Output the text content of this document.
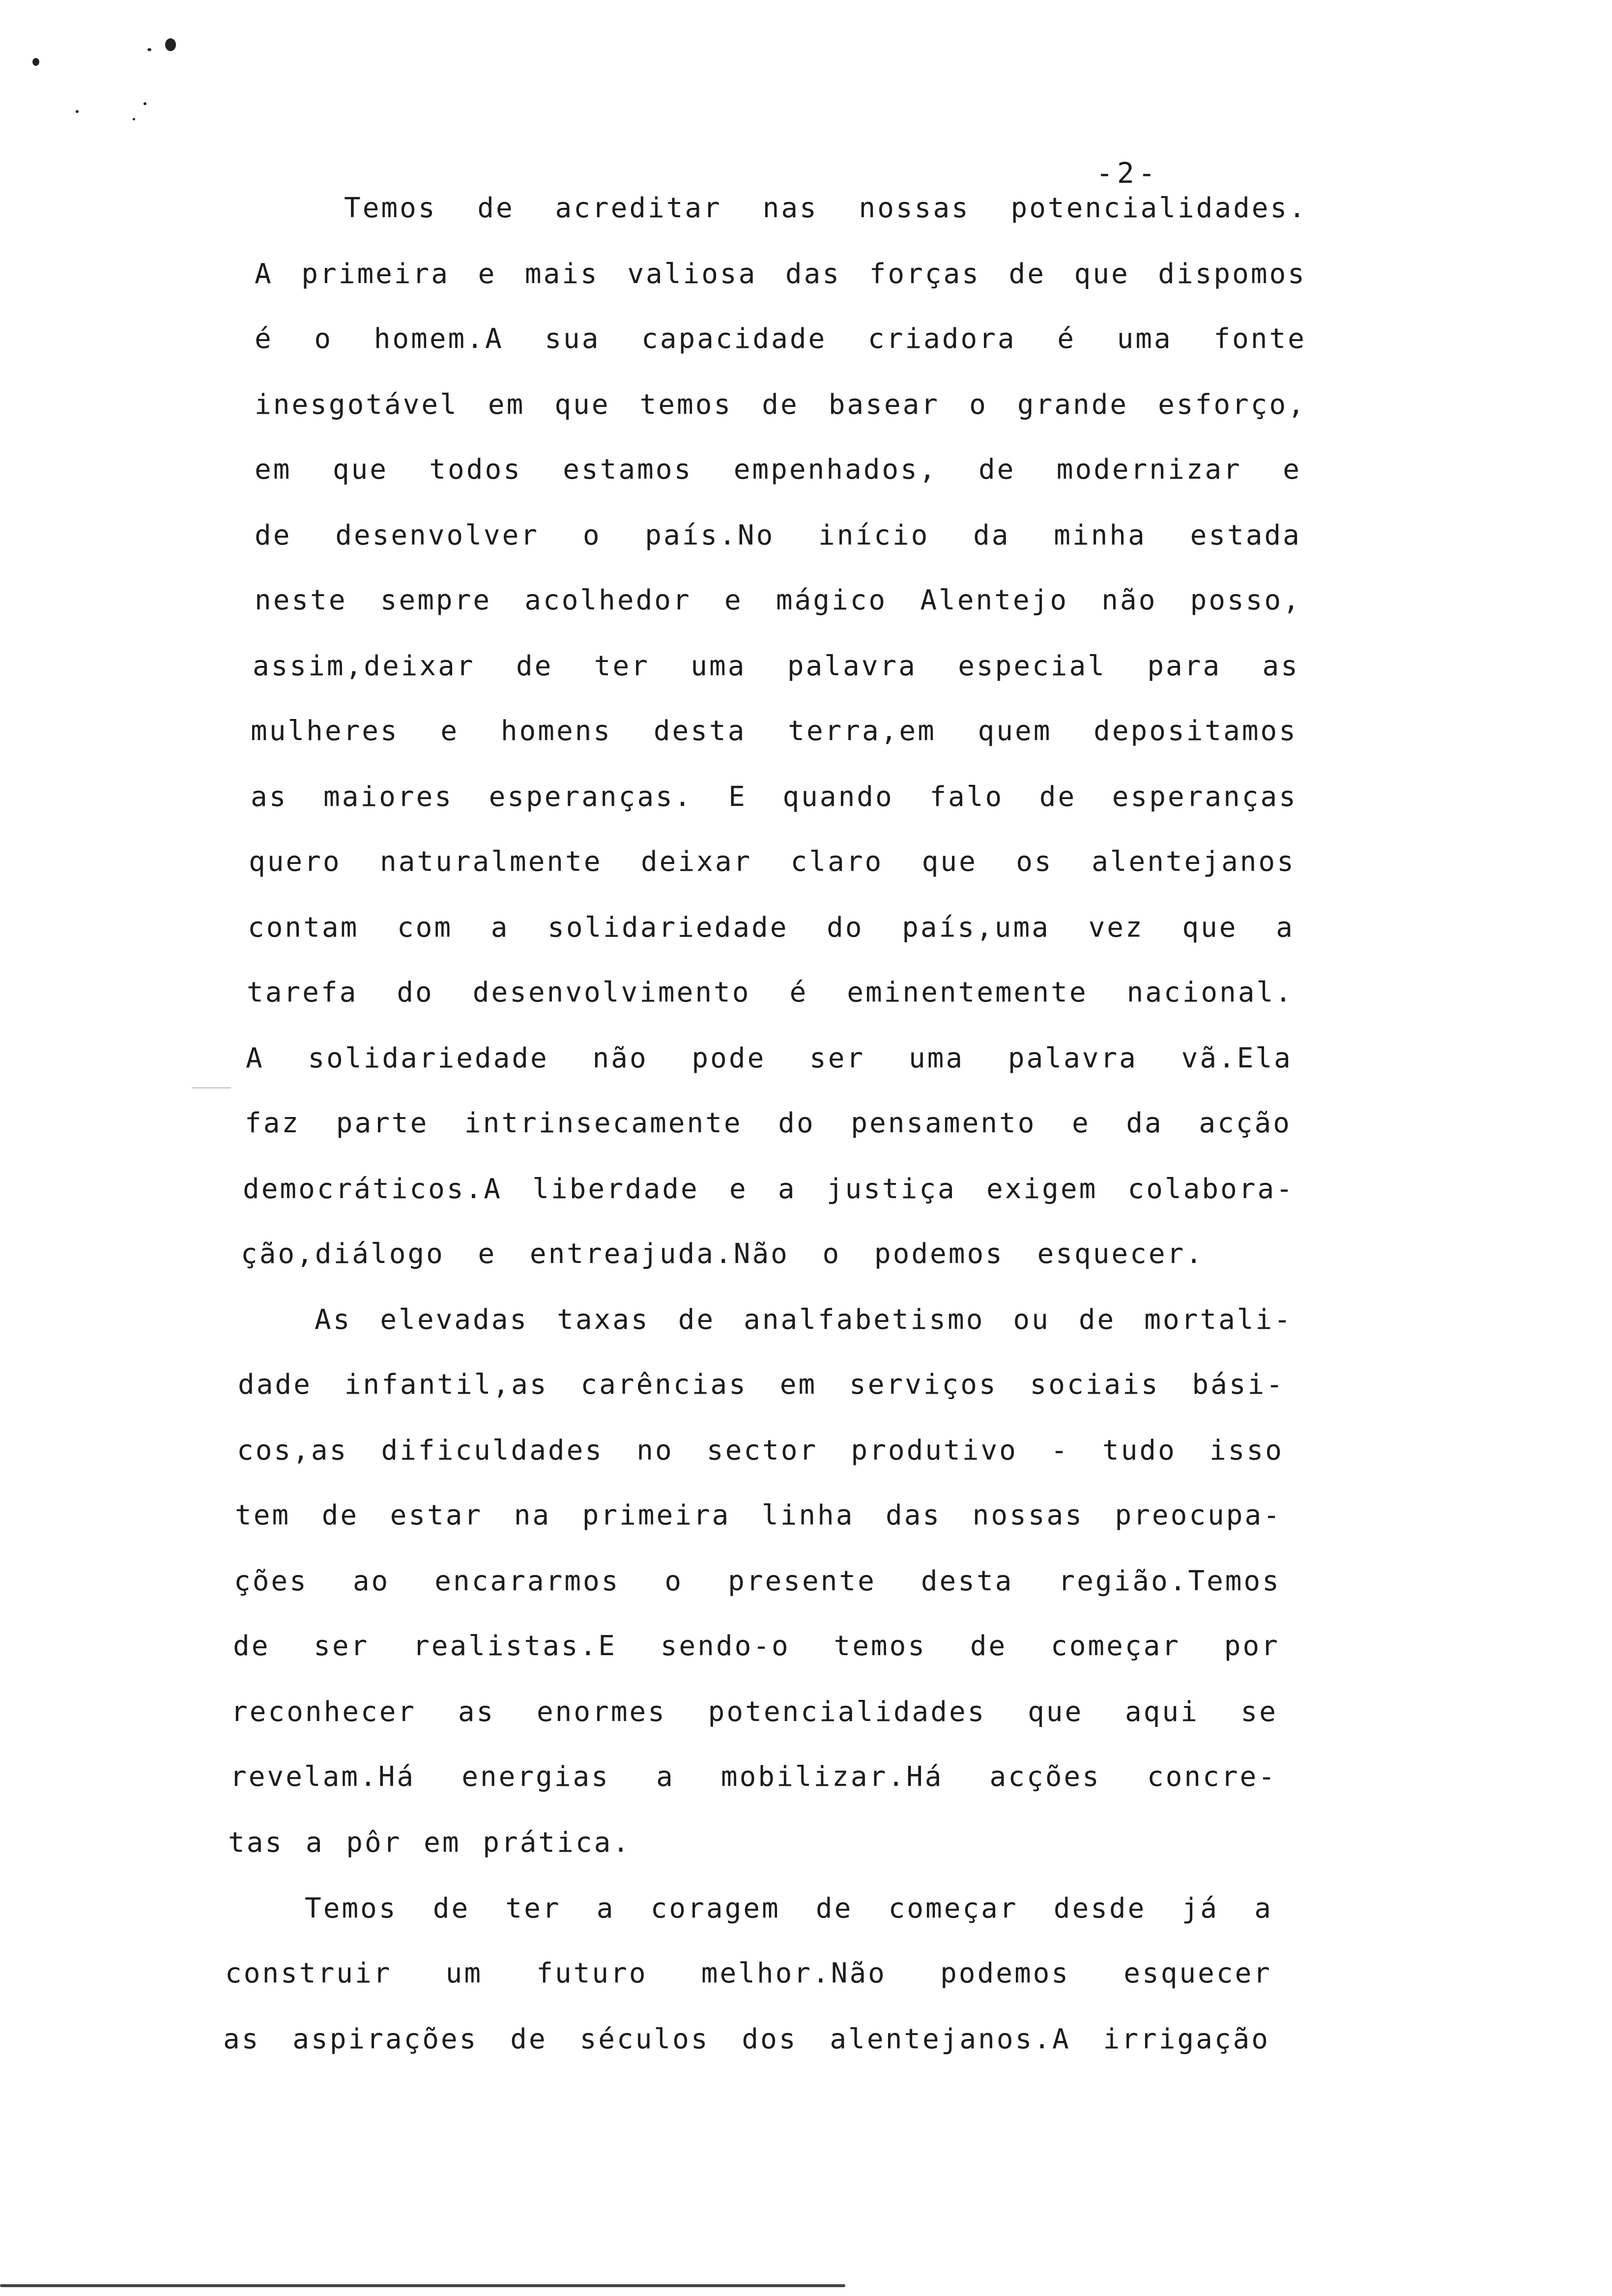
-2-
Temos de acreditar nas nossas potencialidades.
A primeira e mais valiosa das forças de que dispomos
é o homem.A sua capacidade criadora é uma fonte
inesgotável em que temos de basear o grande esforço,
em que todos estamos empenhados, de modernizar e
de desenvolver o país.No início da minha estada
neste sempre acolhedor e mágico Alentejo não posso,
assim,deixar de ter uma palavra especial para as
mulheres e homens desta terra,em quem depositamos
as maiores esperanças. E quando falo de esperanças
quero naturalmente deixar claro que os alentejanos
contam com a solidariedade do país,uma vez que a
tarefa do desenvolvimento é eminentemente nacional.
A solidariedade não pode ser uma palavra vã.Ela
faz parte intrinsecamente do pensamento e da acção
democráticos.A liberdade e a justiça exigem colabora-
ção,diálogo e entreajuda.Não o podemos esquecer.
As elevadas taxas de analfabetismo ou de mortali-
dade infantil,as carências em serviços sociais bási-
cos,as dificuldades no sector produtivo - tudo isso
tem de estar na primeira linha das nossas preocupa-
ções ao encararmos o presente desta região.Temos
de ser realistas.E sendo-o temos de começar por
reconhecer as enormes potencialidades que aqui se
revelam.Há energias a mobilizar.Há acções concre-
tas a pôr em prática.
Temos de ter a coragem de começar desde já a
construir um futuro melhor.Não podemos esquecer
as aspirações de séculos dos alentejanos.A irrigação
